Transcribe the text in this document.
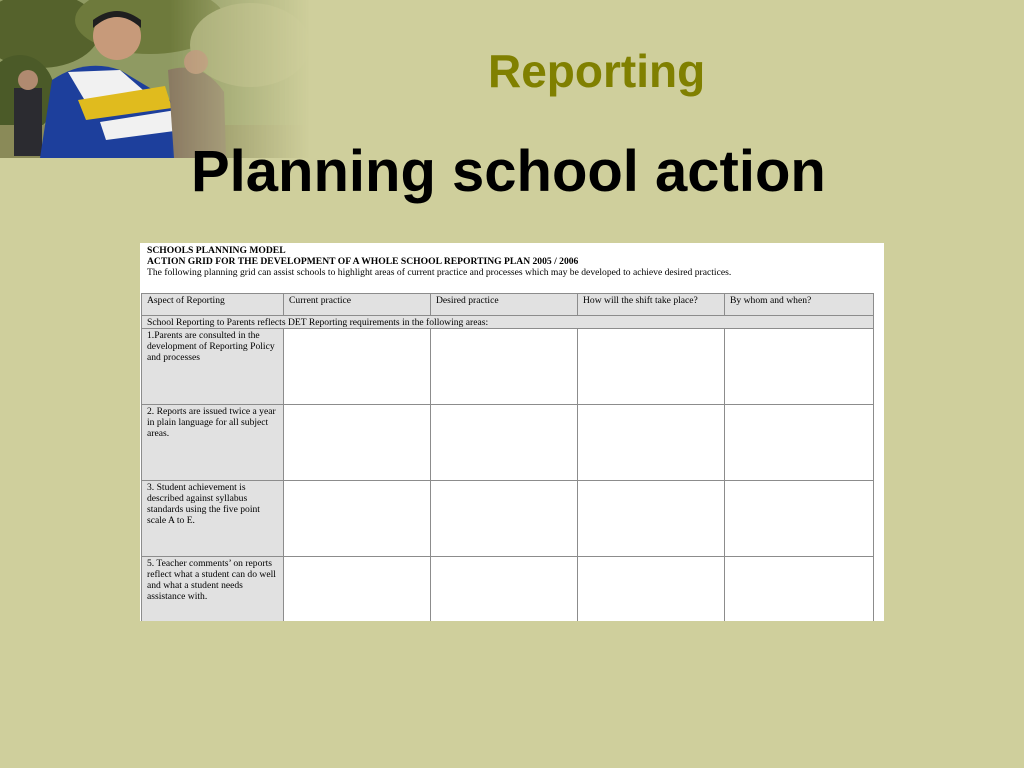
Reporting
Planning school action
SCHOOLS PLANNING MODEL
ACTION GRID FOR THE DEVELOPMENT OF A WHOLE SCHOOL REPORTING PLAN 2005 / 2006
The following planning grid can assist schools to highlight areas of current practice and processes which may be developed to achieve desired practices.
Aspect of Reporting	Current practice	Desired practice	How will the shift take place?	By whom and when?
School Reporting to Parents reflects DET Reporting requirements in the following areas:				
1.Parents are consulted in the development of Reporting Policy and processes				
2. Reports are issued twice a year in plain language for all subject areas.				
3. Student achievement is described against syllabus standards using the five point scale A to E.				
5. Teacher comments’ on reports reflect what a student can do well and what a student needs assistance with.				
